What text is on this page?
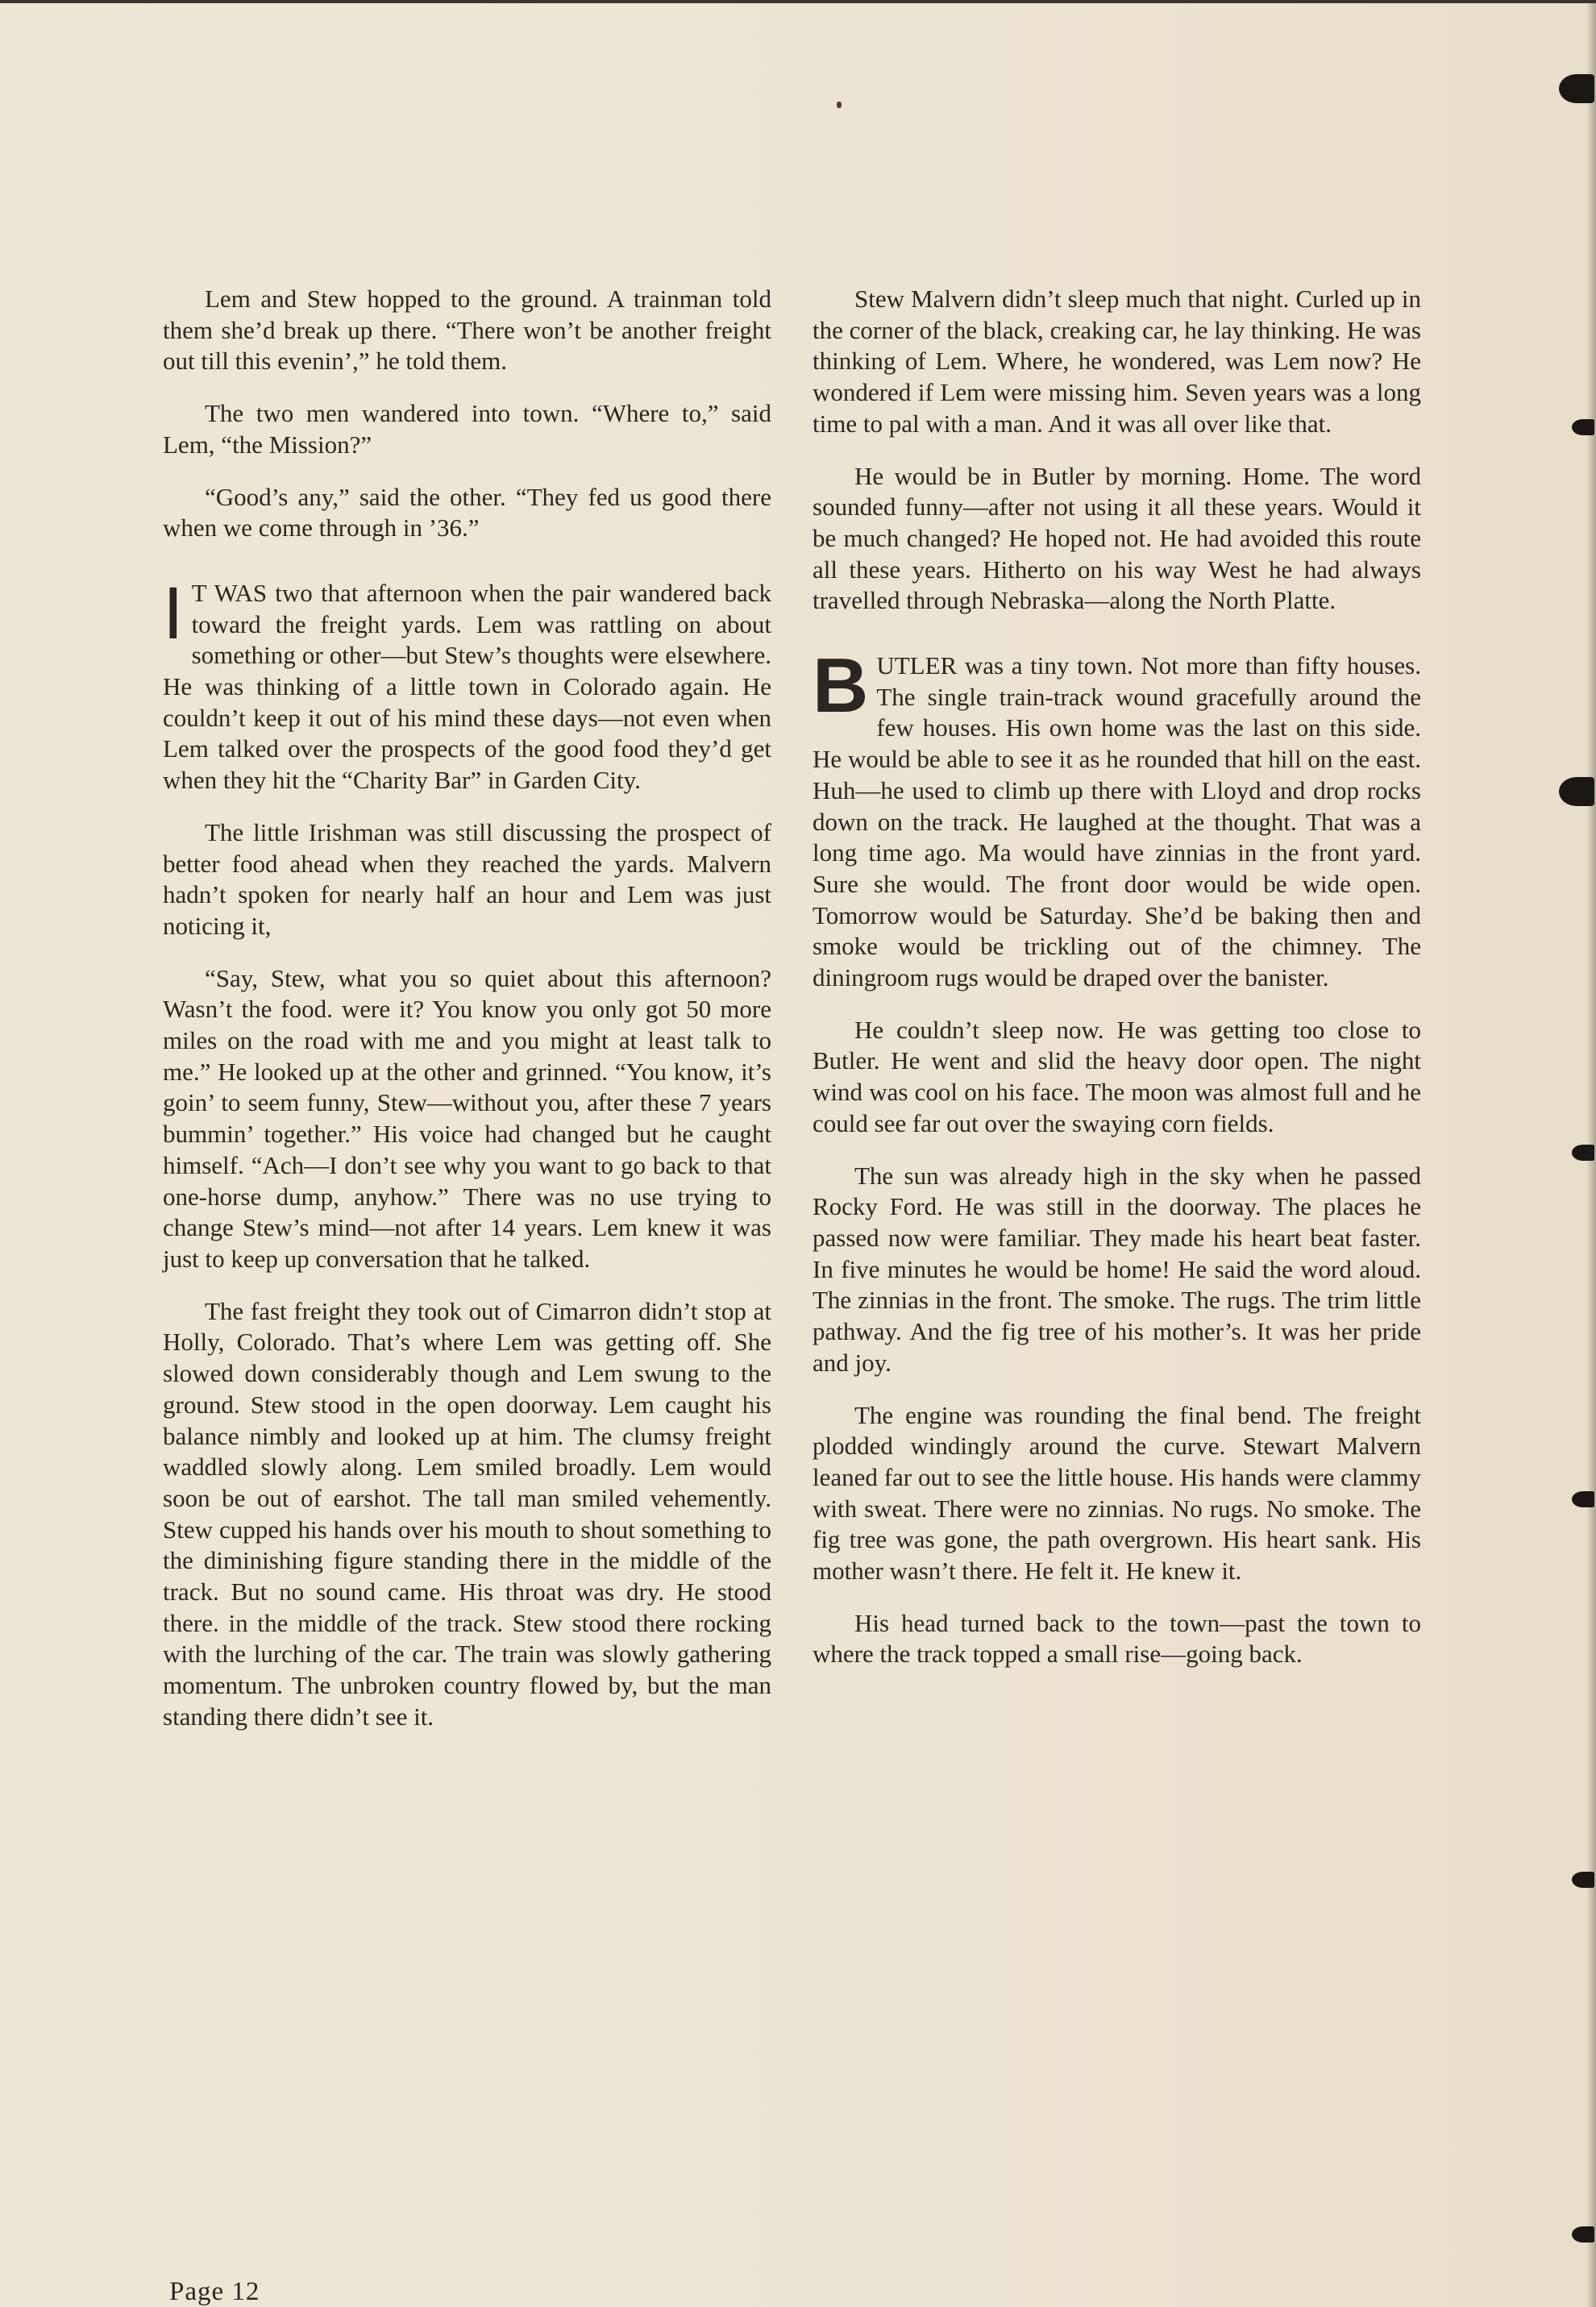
Lem and Stew hopped to the ground. A trainman told them she’d break up there. “There won’t be another freight out till this evenin’,” he told them.

The two men wandered into town. “Where to,” said Lem, “the Mission?”

“Good’s any,” said the other. “They fed us good there when we come through in ’36.”

I T WAS two that afternoon when the pair wandered back toward the freight yards. Lem was rattling on about something or other—but Stew’s thoughts were elsewhere. He was thinking of a little town in Colorado again. He couldn’t keep it out of his mind these days—not even when Lem talked over the prospects of the good food they’d get when they hit the “Charity Bar” in Garden City.

The little Irishman was still discussing the prospect of better food ahead when they reached the yards. Malvern hadn’t spoken for nearly half an hour and Lem was just noticing it,

“Say, Stew, what you so quiet about this afternoon? Wasn’t the food. were it? You know you only got 50 more miles on the road with me and you might at least talk to me.” He looked up at the other and grinned. “You know, it’s goin’ to seem funny, Stew—without you, after these 7 years bummin’ together.” His voice had changed but he caught himself. “Ach—I don’t see why you want to go back to that one-horse dump, anyhow.” There was no use trying to change Stew’s mind—not after 14 years. Lem knew it was just to keep up conversation that he talked.

The fast freight they took out of Cimarron didn’t stop at Holly, Colorado. That’s where Lem was getting off. She slowed down considerably though and Lem swung to the ground. Stew stood in the open doorway. Lem caught his balance nimbly and looked up at him. The clumsy freight waddled slowly along. Lem smiled broadly. Lem would soon be out of earshot. The tall man smiled vehemently. Stew cupped his hands over his mouth to shout something to the diminishing figure standing there in the middle of the track. But no sound came. His throat was dry. He stood there. in the middle of the track. Stew stood there rocking with the lurching of the car. The train was slowly gathering momentum. The unbroken country flowed by, but the man standing there didn’t see it.

Stew Malvern didn’t sleep much that night. Curled up in the corner of the black, creaking car, he lay thinking. He was thinking of Lem. Where, he wondered, was Lem now? He wondered if Lem were missing him. Seven years was a long time to pal with a man. And it was all over like that.

He would be in Butler by morning. Home. The word sounded funny—after not using it all these years. Would it be much changed? He hoped not. He had avoided this route all these years. Hitherto on his way West he had always travelled through Nebraska—along the North Platte.

BUTLER was a tiny town. Not more than fifty houses. The single train-track wound gracefully around the few houses. His own home was the last on this side. He would be able to see it as he rounded that hill on the east. Huh—he used to climb up there with Lloyd and drop rocks down on the track. He laughed at the thought. That was a long time ago. Ma would have zinnias in the front yard. Sure she would. The front door would be wide open. Tomorrow would be Saturday. She’d be baking then and smoke would be trickling out of the chimney. The diningroom rugs would be draped over the banister.

He couldn’t sleep now. He was getting too close to Butler. He went and slid the heavy door open. The night wind was cool on his face. The moon was almost full and he could see far out over the swaying corn fields.

The sun was already high in the sky when he passed Rocky Ford. He was still in the doorway. The places he passed now were familiar. They made his heart beat faster. In five minutes he would be home! He said the word aloud. The zinnias in the front. The smoke. The rugs. The trim little pathway. And the fig tree of his mother’s. It was her pride and joy.

The engine was rounding the final bend. The freight plodded windingly around the curve. Stewart Malvern leaned far out to see the little house. His hands were clammy with sweat. There were no zinnias. No rugs. No smoke. The fig tree was gone, the path overgrown. His heart sank. His mother wasn’t there. He felt it. He knew it.

His head turned back to the town—past the town to where the track topped a small rise—going back.

Page 12
